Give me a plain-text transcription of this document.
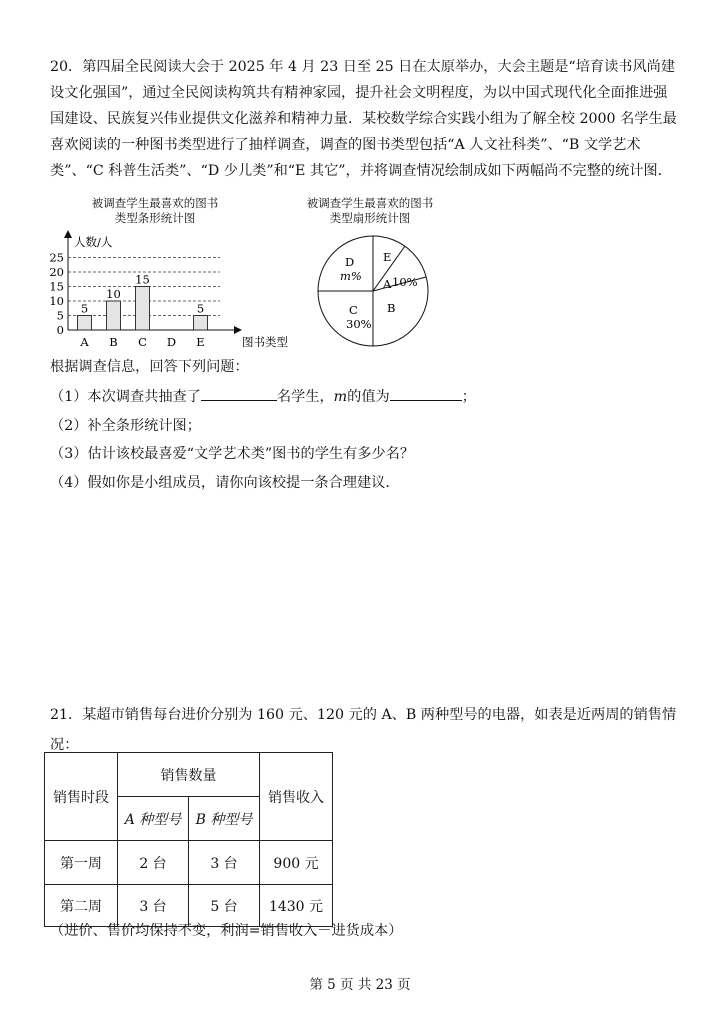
20．第四届全民阅读大会于 2025 年 4 月 23 日至 25 日在太原举办，大会主题是“培育读书风尚建设文化强国”，通过全民阅读构筑共有精神家园，提升社会文明程度，为以中国式现代化全面推进强国建设、民族复兴伟业提供文化滋养和精神力量．某校数学综合实践小组为了解全校 2000 名学生最喜欢阅读的一种图书类型进行了抽样调查，调查的图书类型包括“A 人文社科类”、“B 文学艺术类”、“C 科普生活类”、“D 少儿类”和“E 其它”，并将调查情况绘制成如下两幅尚不完整的统计图．

被调查学生最喜欢的图书
类型条形统计图
被调查学生最喜欢的图书
类型扇形统计图
人数/人
图书类型
0
5
10
15
20
25
A
5
B
10
C
15
D E
5
D
m%
E
A 10%
B
C
30%
根据调查信息，回答下列问题：
（1）本次调查共抽查了	名学生，m的值为	；
（2）补全条形统计图；
（3）估计该校最喜爱“文学艺术类”图书的学生有多少名？
（4）假如你是小组成员，请你向该校提一条合理建议．

21．某超市销售每台进价分别为 160 元、120 元的 A、B 两种型号的电器，如表是近两周的销售情况：

销售时段	销售数量		销售收入
	A 种型号	B 种型号	
第一周	2 台	3 台	900 元
第二周	3 台	5 台	1430 元
（进价、售价均保持不变，利润=销售收入－进货成本）
第 5 页 共 23 页
